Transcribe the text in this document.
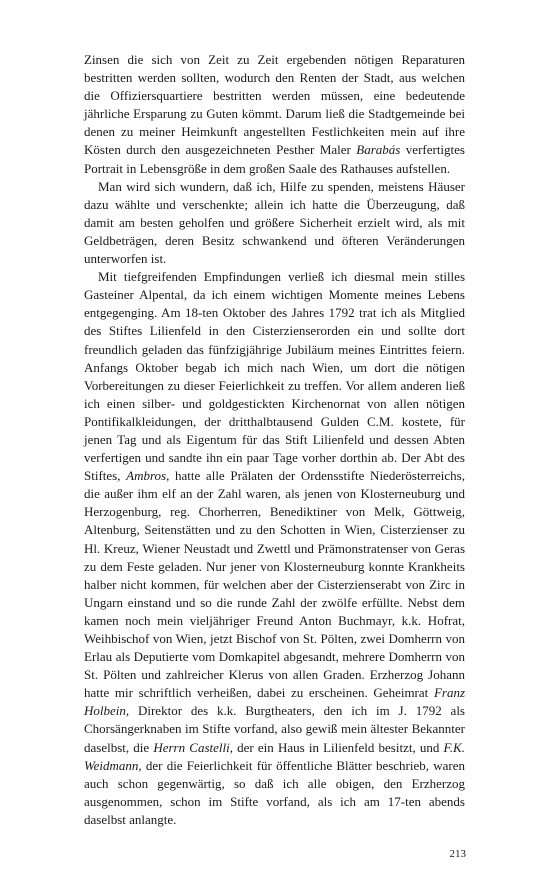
Zinsen die sich von Zeit zu Zeit ergebenden nötigen Reparaturen bestritten werden sollten, wodurch den Renten der Stadt, aus welchen die Offiziersquartiere bestritten werden müssen, eine bedeutende jährliche Ersparung zu Guten kömmt. Darum ließ die Stadtgemeinde bei denen zu meiner Heimkunft angestellten Festlichkeiten mein auf ihre Kösten durch den ausgezeichneten Pesther Maler Barabás verfertigtes Portrait in Lebensgröße in dem großen Saale des Rathauses aufstellen.

Man wird sich wundern, daß ich, Hilfe zu spenden, meistens Häuser dazu wählte und verschenkte; allein ich hatte die Überzeugung, daß damit am besten geholfen und größere Sicherheit erzielt wird, als mit Geldbeträgen, deren Besitz schwankend und öfteren Veränderungen unterworfen ist.

Mit tiefgreifenden Empfindungen verließ ich diesmal mein stilles Gasteiner Alpental, da ich einem wichtigen Momente meines Lebens entgegenging. Am 18-ten Oktober des Jahres 1792 trat ich als Mitglied des Stiftes Lilienfeld in den Cisterzienserorden ein und sollte dort freundlich geladen das fünfzigjährige Jubiläum meines Eintrittes feiern. Anfangs Oktober begab ich mich nach Wien, um dort die nötigen Vorbereitungen zu dieser Feierlichkeit zu treffen. Vor allem anderen ließ ich einen silber- und goldgestickten Kirchenornat von allen nötigen Pontifikalkleidungen, der dritthalbtausend Gulden C.M. kostete, für jenen Tag und als Eigentum für das Stift Lilienfeld und dessen Abten verfertigen und sandte ihn ein paar Tage vorher dorthin ab. Der Abt des Stiftes, Ambros, hatte alle Prälaten der Ordensstifte Niederösterreichs, die außer ihm elf an der Zahl waren, als jenen von Klosterneuburg und Herzogenburg, reg. Chorherren, Benediktiner von Melk, Göttweig, Altenburg, Seitenstätten und zu den Schotten in Wien, Cisterzienser zu Hl. Kreuz, Wiener Neustadt und Zwettl und Prämonstratenser von Geras zu dem Feste geladen. Nur jener von Klosterneuburg konnte Krankheits halber nicht kommen, für welchen aber der Cisterzienserabt von Zirc in Ungarn einstand und so die runde Zahl der zwölfe erfüllte. Nebst dem kamen noch mein vieljähriger Freund Anton Buchmayr, k.k. Hofrat, Weihbischof von Wien, jetzt Bischof von St. Pölten, zwei Domherrn von Erlau als Deputierte vom Domkapitel abgesandt, mehrere Domherrn von St. Pölten und zahlreicher Klerus von allen Graden. Erzherzog Johann hatte mir schriftlich verheißen, dabei zu erscheinen. Geheimrat Franz Holbein, Direktor des k.k. Burgtheaters, den ich im J. 1792 als Chorsängerknaben im Stifte vorfand, also gewiß mein ältester Bekannter daselbst, die Herrn Castelli, der ein Haus in Lilienfeld besitzt, und F.K. Weidmann, der die Feierlichkeit für öffentliche Blätter beschrieb, waren auch schon gegenwärtig, so daß ich alle obigen, den Erzherzog ausgenommen, schon im Stifte vorfand, als ich am 17-ten abends daselbst anlangte.

213
